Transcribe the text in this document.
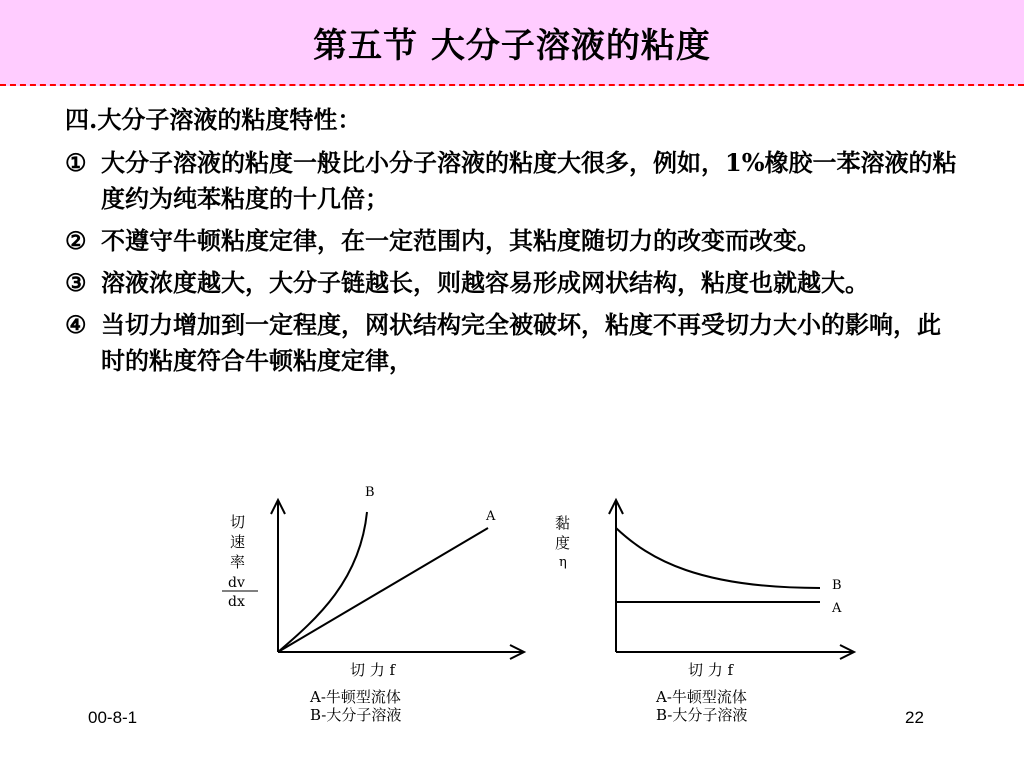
第五节 大分子溶液的粘度
四.大分子溶液的粘度特性：
① 大分子溶液的粘度一般比小分子溶液的粘度大很多，例如，1%橡胶一苯溶液的粘度约为纯苯粘度的十几倍；
② 不遵守牛顿粘度定律，在一定范围内，其粘度随切力的改变而改变。
③ 溶液浓度越大，大分子链越长，则越容易形成网状结构，粘度也就越大。
④ 当切力增加到一定程度，网状结构完全被破坏，粘度不再受切力大小的影响，此时的粘度符合牛顿粘度定律，
B
A
切
速
率
dv
dx
切 力 f
A-牛顿型流体
B-大分子溶液
B
A
黏
度
η
切 力 f
A-牛顿型流体
B-大分子溶液
00-8-1	22
